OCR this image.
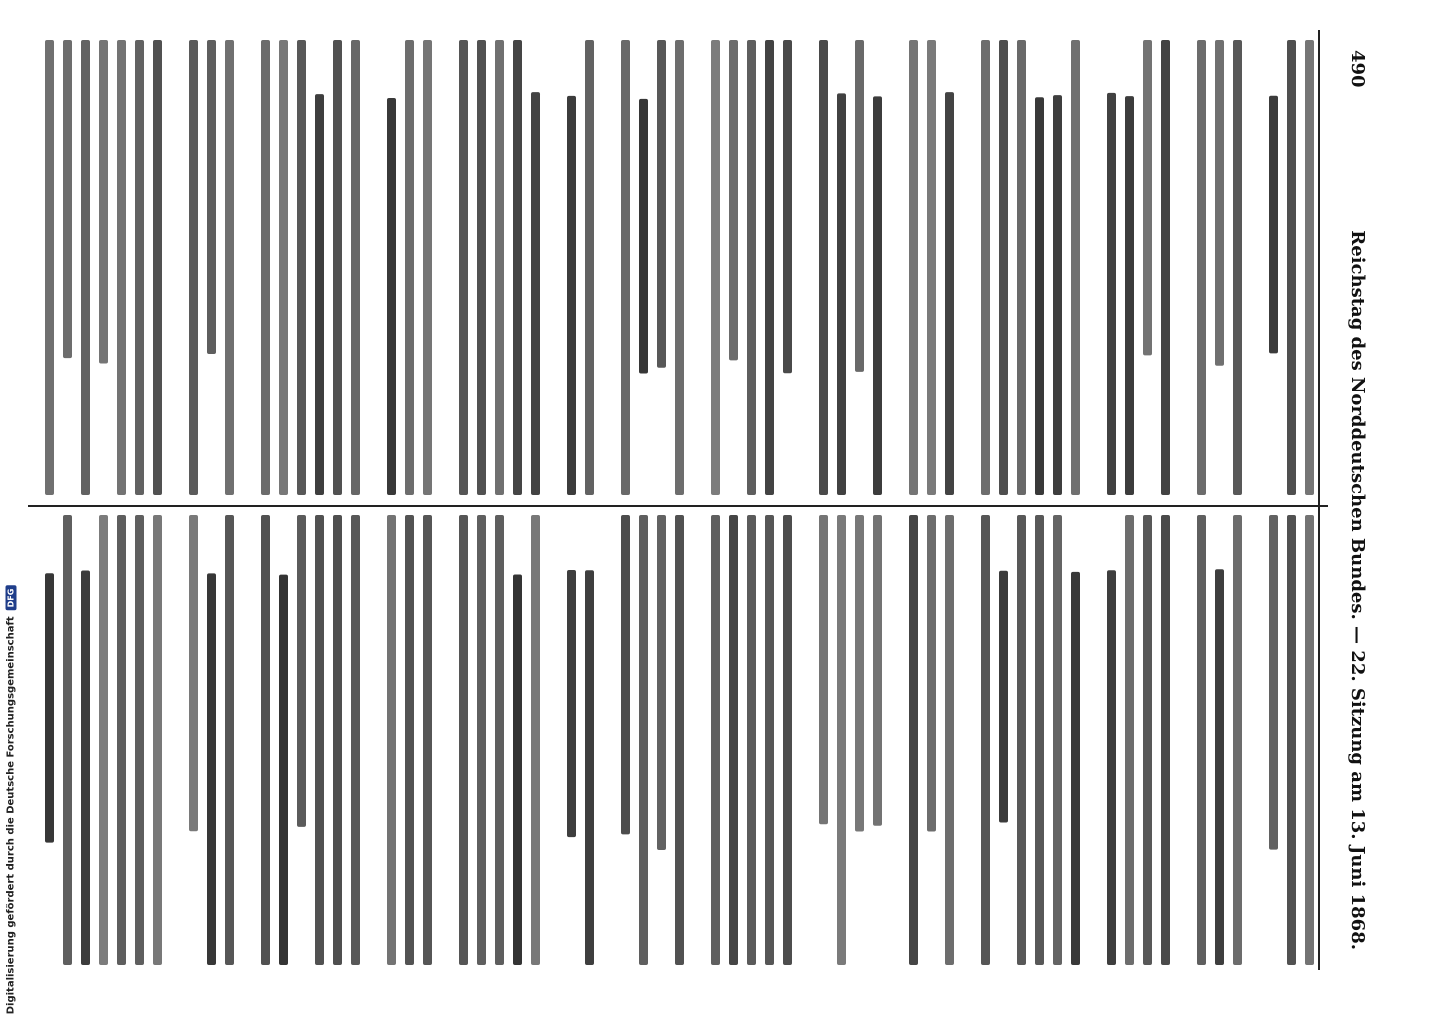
490
Reichstag des Norddeutschen Bundes. — 22. Sitzung am 13. Juni 1868.
Digitalisierung gefördert durch die Deutsche Forschungsgemeinschaft
DFG
